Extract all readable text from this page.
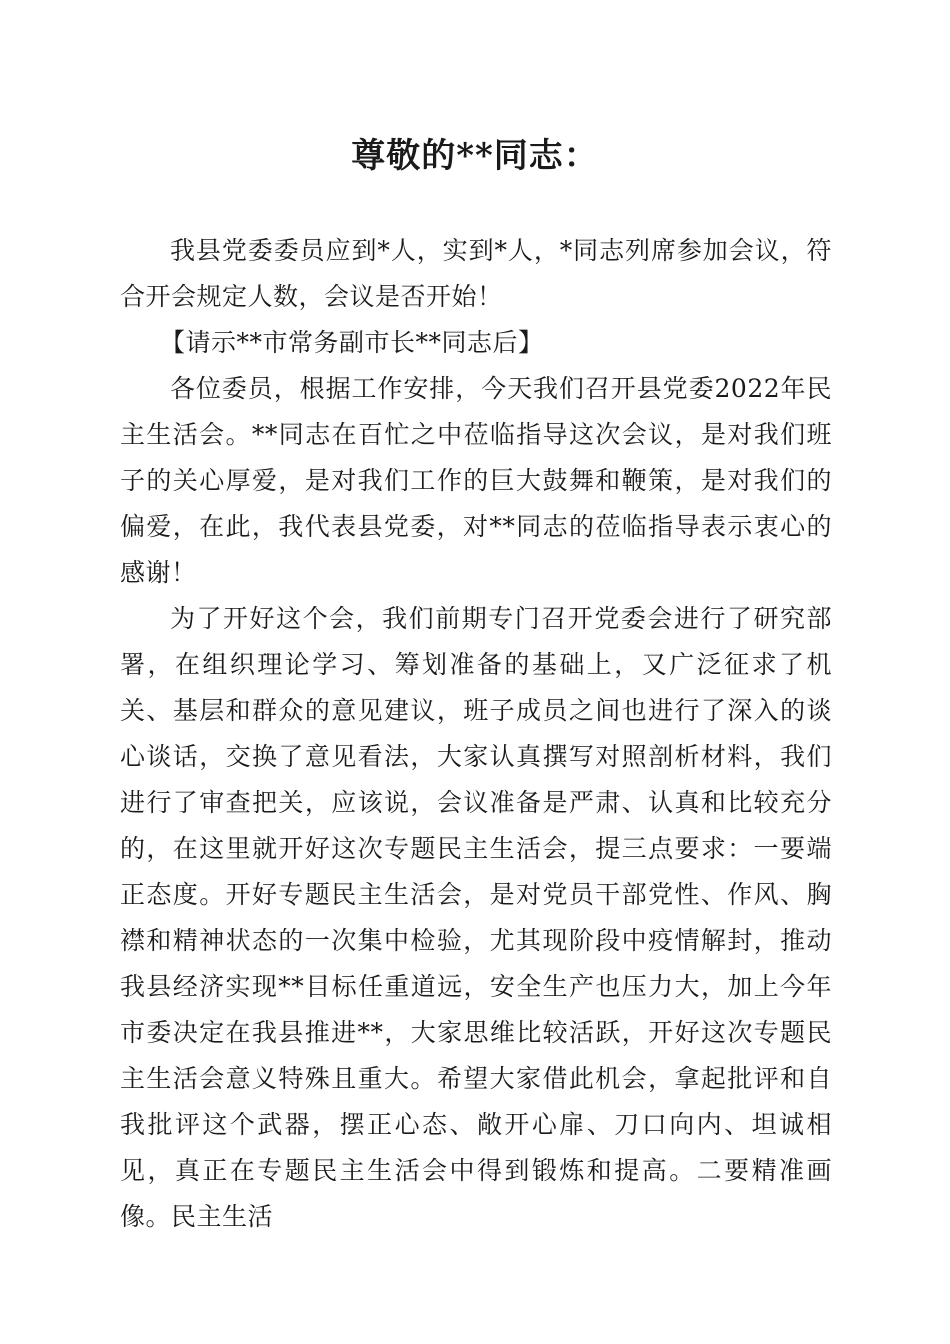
尊敬的**同志：

我县党委委员应到*人，实到*人，*同志列席参加会议，符合开会规定人数，会议是否开始！

【请示**市常务副市长**同志后】

各位委员，根据工作安排，今天我们召开县党委2022年民主生活会。**同志在百忙之中莅临指导这次会议，是对我们班子的关心厚爱，是对我们工作的巨大鼓舞和鞭策，是对我们的偏爱，在此，我代表县党委，对**同志的莅临指导表示衷心的感谢！

为了开好这个会，我们前期专门召开党委会进行了研究部署，在组织理论学习、筹划准备的基础上，又广泛征求了机关、基层和群众的意见建议，班子成员之间也进行了深入的谈心谈话，交换了意见看法，大家认真撰写对照剖析材料，我们进行了审查把关，应该说，会议准备是严肃、认真和比较充分的，在这里就开好这次专题民主生活会，提三点要求：一要端正态度。开好专题民主生活会，是对党员干部党性、作风、胸襟和精神状态的一次集中检验，尤其现阶段中疫情解封，推动我县经济实现**目标任重道远，安全生产也压力大，加上今年市委决定在我县推进**，大家思维比较活跃，开好这次专题民主生活会意义特殊且重大。希望大家借此机会，拿起批评和自我批评这个武器，摆正心态、敞开心扉、刀口向内、坦诚相见，真正在专题民主生活会中得到锻炼和提高。二要精准画像。民主生活
